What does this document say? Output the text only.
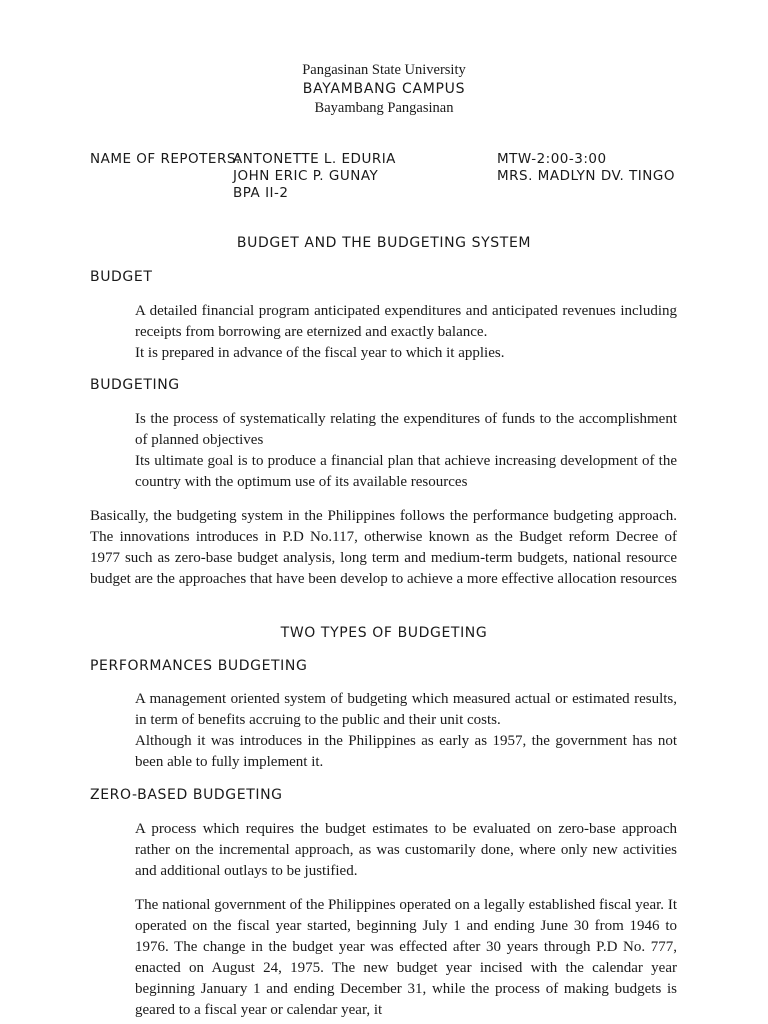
Pangasinan State University
BAYAMBANG CAMPUS
Bayambang Pangasinan
NAME OF REPOTERS:
ANTONETTE L. EDURIA
JOHN ERIC P. GUNAY
BPA II-2
MTW-2:00-3:00
MRS. MADLYN DV. TINGO
BUDGET AND THE BUDGETING SYSTEM
BUDGET

A detailed financial program anticipated expenditures and anticipated revenues including receipts from borrowing are eternized and exactly balance.

It is prepared in advance of the fiscal year to which it applies.

BUDGETING

Is the process of systematically relating the expenditures of funds to the accomplishment of planned objectives

Its ultimate goal is to produce a financial plan that achieve increasing development of the country with the optimum use of its available resources

Basically, the budgeting system in the Philippines follows the performance budgeting approach. The innovations introduces in P.D No.117, otherwise known as the Budget reform Decree of 1977 such as zero-base budget analysis, long term and medium-term budgets, national resource budget are the approaches that have been develop to achieve a more effective allocation resources

TWO TYPES OF BUDGETING
PERFORMANCES BUDGETING

A management oriented system of budgeting which measured actual or estimated results, in term of benefits accruing to the public and their unit costs.

Although it was introduces in the Philippines as early as 1957, the government has not been able to fully implement it.

ZERO-BASED BUDGETING

A process which requires the budget estimates to be evaluated on zero-base approach rather on the incremental approach, as was customarily done, where only new activities and additional outlays to be justified.

The national government of the Philippines operated on a legally established fiscal year. It operated on the fiscal year started, beginning July 1 and ending June 30 from 1946 to 1976. The change in the budget year was effected after 30 years through P.D No. 777, enacted on August 24, 1975. The new budget year incised with the calendar year beginning January 1 and ending December 31, while the process of making budgets is geared to a fiscal year or calendar year, it
